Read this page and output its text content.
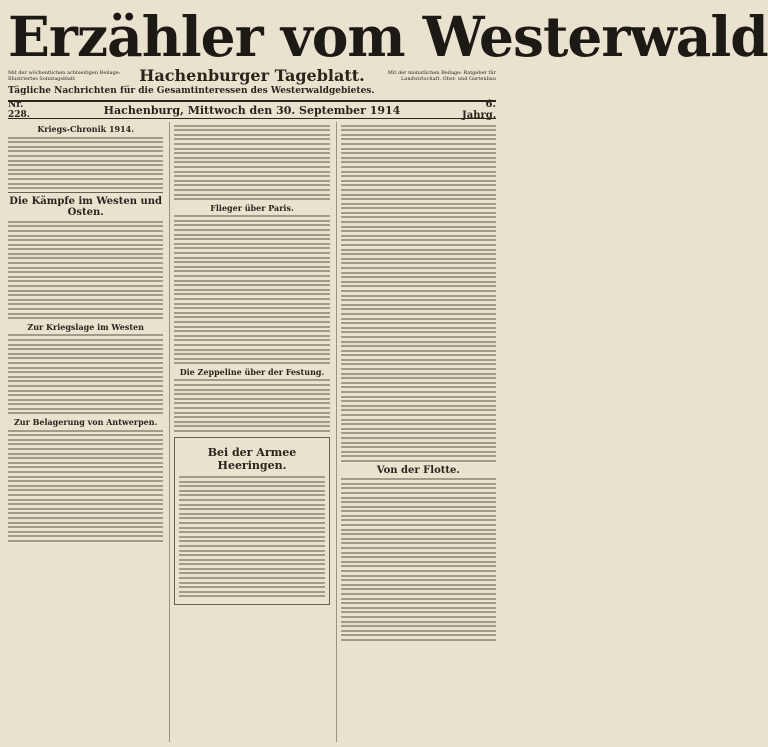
Erzähler vom Westerwald
Mit der wöchentlichen achtseitigen Beilage: Illustriertes Sonntagsblatt	Hachenburger Tageblatt.	Mit der monatlichen Beilage: Ratgeber für Landwirtschaft, Obst- und Gartenbau
Tägliche Nachrichten für die Gesamtinteressen des Westerwaldgebietes.
Nr. 228.	Hachenburg, Mittwoch den 30. September 1914	6. Jahrg.
Kriegs-Chronik 1914.
Die Kämpfe im Westen und Osten.
Zur Kriegslage im Westen
Zur Belagerung von Antwerpen.
Flieger über Paris.
Die Zeppeline über der Festung.
Bei der Armee Heeringen.	Von der Flotte.
